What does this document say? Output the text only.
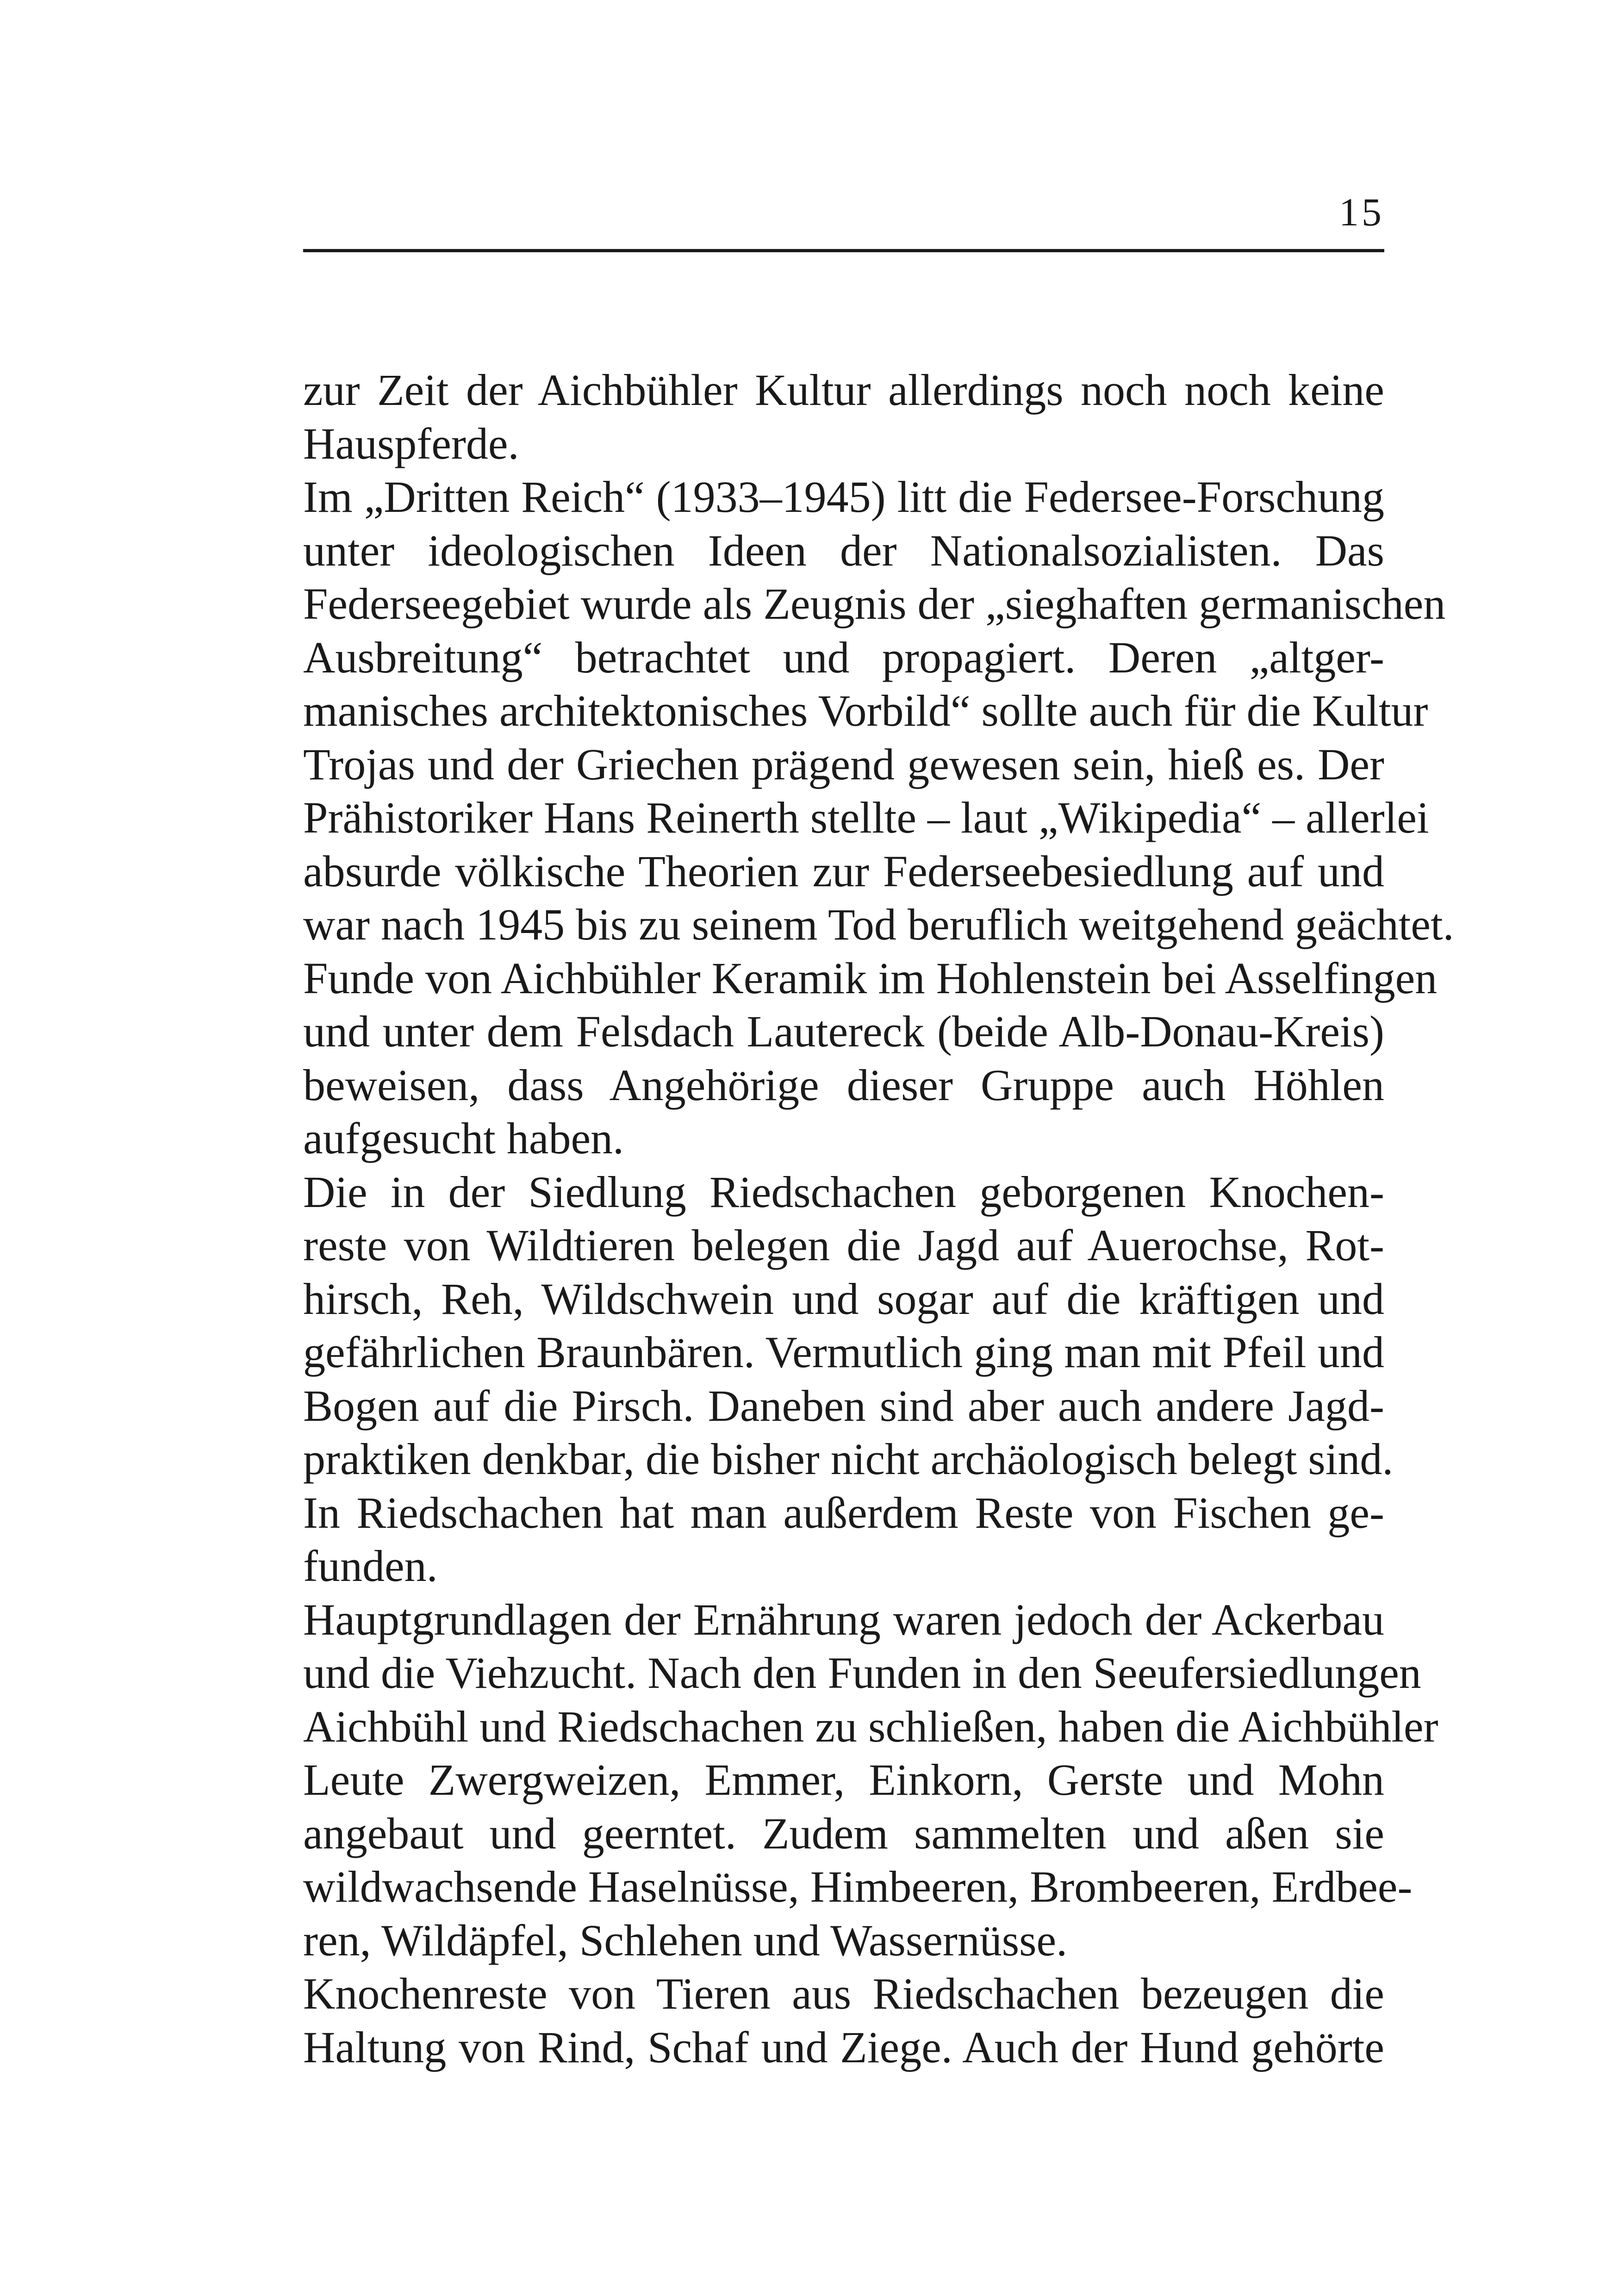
15
zur Zeit der Aichbühler Kultur allerdings noch noch keine
Hauspferde.
Im „Dritten Reich“ (1933–1945) litt die Federsee-Forschung
unter ideologischen Ideen der Nationalsozialisten. Das
Federseegebiet wurde als Zeugnis der „sieghaften germanischen
Ausbreitung“ betrachtet und propagiert. Deren „altger-
manisches architektonisches Vorbild“ sollte auch für die Kultur
Trojas und der Griechen prägend gewesen sein, hieß es. Der
Prähistoriker Hans Reinerth stellte – laut „Wikipedia“ – allerlei
absurde völkische Theorien zur Federseebesiedlung auf und
war nach 1945 bis zu seinem Tod beruflich weitgehend geächtet.
Funde von Aichbühler Keramik im Hohlenstein bei Asselfingen
und unter dem Felsdach Lautereck (beide Alb-Donau-Kreis)
beweisen, dass Angehörige dieser Gruppe auch Höhlen
aufgesucht haben.
Die in der Siedlung Riedschachen geborgenen Knochen-
reste von Wildtieren belegen die Jagd auf Auerochse, Rot-
hirsch, Reh, Wildschwein und sogar auf die kräftigen und
gefährlichen Braunbären. Vermutlich ging man mit Pfeil und
Bogen auf die Pirsch. Daneben sind aber auch andere Jagd-
praktiken denkbar, die bisher nicht archäologisch belegt sind.
In Riedschachen hat man außerdem Reste von Fischen ge-
funden.
Hauptgrundlagen der Ernährung waren jedoch der Ackerbau
und die Viehzucht. Nach den Funden in den Seeufersiedlungen
Aichbühl und Riedschachen zu schließen, haben die Aichbühler
Leute Zwergweizen, Emmer, Einkorn, Gerste und Mohn
angebaut und geerntet. Zudem sammelten und aßen sie
wildwachsende Haselnüsse, Himbeeren, Brombeeren, Erdbee-
ren, Wildäpfel, Schlehen und Wassernüsse.
Knochenreste von Tieren aus Riedschachen bezeugen die
Haltung von Rind, Schaf und Ziege. Auch der Hund gehörte
